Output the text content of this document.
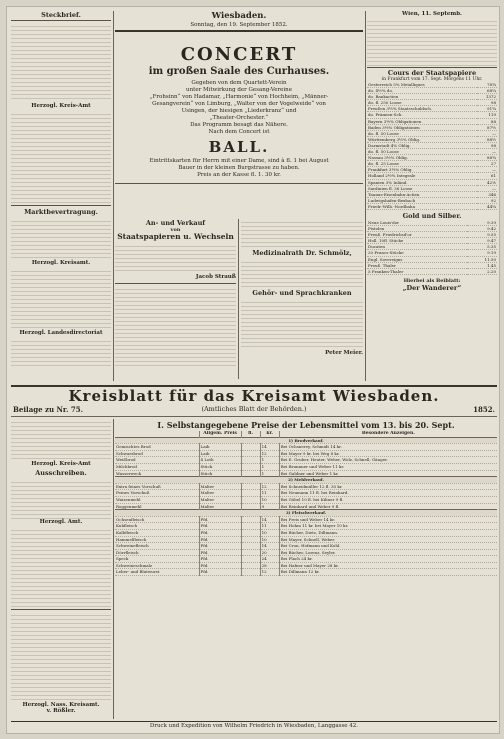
Steckbrief.
Herzogl. Kreis-Amt
Marktbevertragung.
Herzogl. Kreisamt.
Herzogl. Landesdirectoriat
Wiesbaden.
Sonntag, den 19. September 1852.
CONCERT
im großen Saale des Curhauses.
Gegeben von dem Quartett-Verein
unter Mitwirkung der Gesang-Vereine
„Frohsinn“ von Hadamar, „Harmonie“ von Hochheim, „Männer-
Gesangverein“ von Limburg, „Walter von der Vogelweide“ von
Usingen, der hiesigen „Liederkranz“ und
„Theater-Orchester.“
Das Programm besagt das Nähere.
Nach dem Concert ist
BALL.
Eintrittskarten für Herrn mit einer Dame, sind à fl. 1 bei August
Bauer in der kleinen Burgstrasse zu haben.
Preis an der Kasse fl. 1. 30 kr.
An- und Verkauf
von
Staatspapieren u. Wechseln
Jacob Strauß
Medizinalrath Dr. Schmölz,
Gehör- und Sprachkranken
Peter Meier.
Wien, 11. Septemb.
Cours der Staatspapiere
in Frankfurt vom 17. Sept. Morgens 11 Uhr.
Oesterreich 5% Metalliques	78¾
do. 4½% do.	68¼
do. Bankactien	1372
do. fl. 250 Loose	98
Preußen 3½% Staatsschuldsch.	91¾
do. Prämien-Sch.	119
Bayern 3½% Obligationen	88
Baden 3½% Obligationen	87½
do. fl. 50 Loose	—
Württemberg 3½% Oblig.	88½
Darmstadt 4% Oblig.	98
do. fl. 50 Loose	—
Nassau 3½% Oblig.	88¾
do. fl. 25 Loose	27
Frankfurt 3½% Oblig.	—
Holland 2½% Integrale	61
Spanien 3% Inländ.	42⅝
Sardinien fl. 36 Loose	—
Taunus-Eisenbahn-Actien	346
Ludwigshafen-Bexbach	92
Friedr.-Wilh.-Nordbahn	44¼
Gold und Silber.
Neue Louis'dor	9.39
Pistolen	9.42
Preuß. Friedrichsd'or	9.55
Holl. 10fl. Stücke	9.47
Ducaten	5.35
20 Francs-Stücke	9.19
Engl. Sovereigns	11.50
Preuß. Thaler	1.45
5 Franken-Thaler	2.20
Hierbei als Beiblatt:
„Der Wanderer“
Kreisblatt für das Kreisamt Wiesbaden.
Beilage zu Nr. 75.	1852.
(Amtliches Blatt der Behörden.)
Herzogl. Kreis-Amt
Ausschreiben.
Herzogl. Amt.
Herzogl. Nass. Kreisamt.
v. Rößler.
I. Selbstangegebene Preise der Lebensmittel vom 13. bis 20. Sept.
	Allgem. Preis	fl.	kr.	Besondere Anzeigen.
1) Brodverkauf.				
Gemischtes Brod	Laib		14	Bei Ochsnerey, Schmidt 14 kr.
Schwarzbrod	Laib		12	Bei Mayer 9 kr. bei Weg 8 kr.
Weißbrod	4 Loth		1	Bei E. Gruber, Heuter, Weber, Wolz, Schnell, Gänger.
Milchbrod	Stück		1	Bei Brunnner und Weber 11 kr.
Wasserweck	Stück		1	Bei Guldner und Weber 1 kr.
2) Mehlverkauf.				
Extra feines Vorschuß	Malter		12	Bei Schneidmüller 12 fl. 30 kr.
Feines Vorschuß	Malter		11	Bei Neumann 11 fl. bei Reinhard.
Waizenmehl	Malter		10	Bei Göbel 10 fl. bei Kiliner 9 fl.
Roggenmehl	Malter		9	Bei Reinhard und Weber 9 fl.
3) Fleischverkauf.				
Ochsenfleisch	Pfd.		14	Bei Freis und Weber 14 kr.
Kuhfleisch	Pfd.		11	Bei Hohm 11 kr. bei Mayer 10 kr.
Kalbfleisch	Pfd.		10	Bei Bücher, Dietz, Dillmann.
Hammelfleisch	Pfd.		10	Bei Mayer, Schnell, Weber.
Schweinefleisch	Pfd.		14	Bei Cron, Hofmann und Kohl.
Dörrfleisch	Pfd.		20	Bei Bücher, Lorenz, Seyler.
Speck	Pfd.		24	Bei Flach 24 kr.
Schweineschmalz	Pfd.		28	Bei Hafner und Mayer 28 kr.
Leber- und Blutwurst	Pfd.		12	Bei Dillmann 12 kr.
Druck und Expedition von Wilhelm Friedrich in Wiesbaden, Langgasse 42.
